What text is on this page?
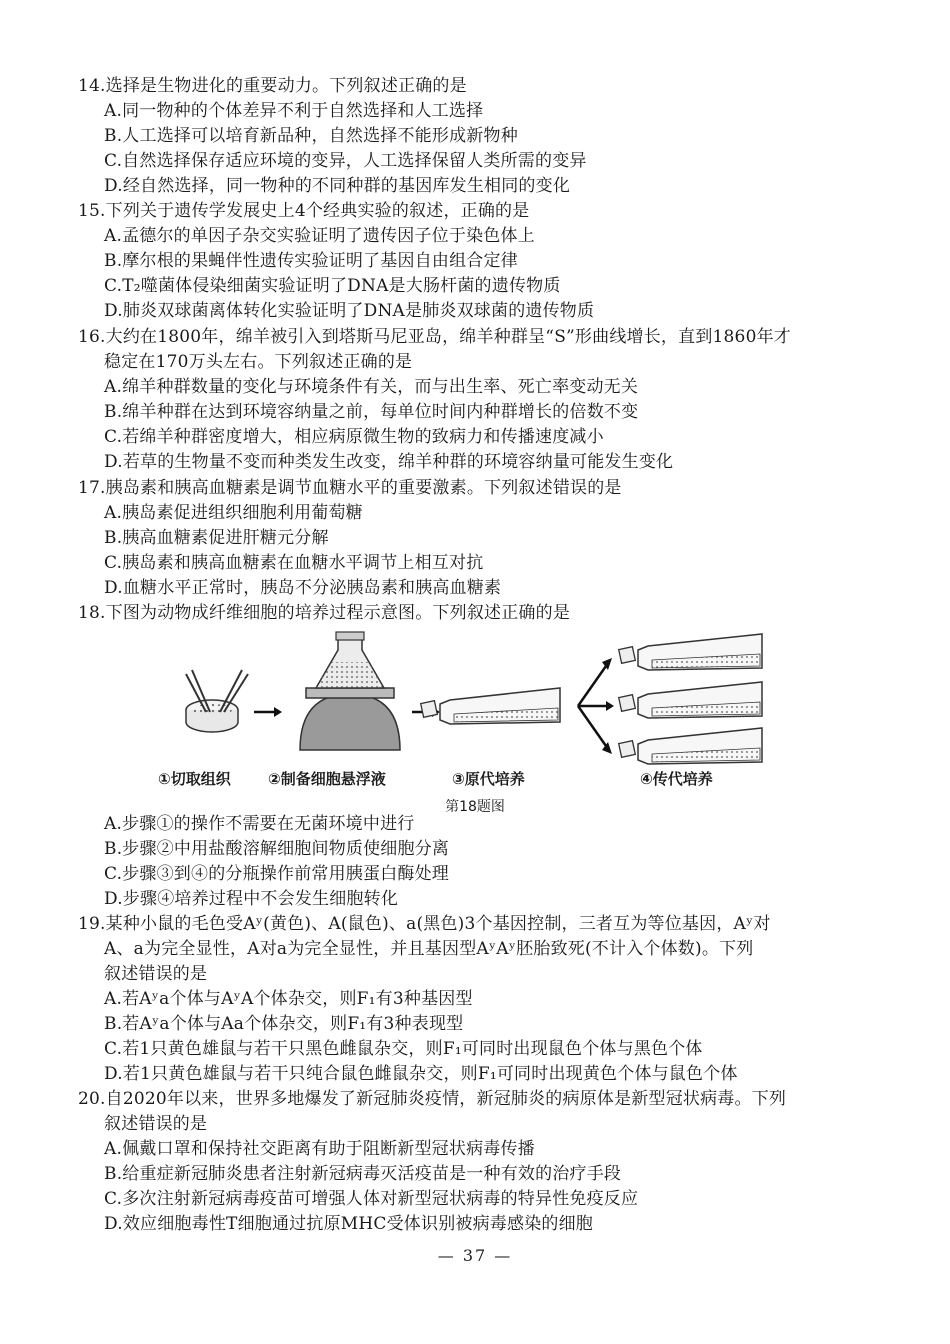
14.选择是生物进化的重要动力。下列叙述正确的是
A.同一物种的个体差异不利于自然选择和人工选择
B.人工选择可以培育新品种，自然选择不能形成新物种
C.自然选择保存适应环境的变异，人工选择保留人类所需的变异
D.经自然选择，同一物种的不同种群的基因库发生相同的变化
15.下列关于遗传学发展史上4个经典实验的叙述，正确的是
A.孟德尔的单因子杂交实验证明了遗传因子位于染色体上
B.摩尔根的果蝇伴性遗传实验证明了基因自由组合定律
C.T₂噬菌体侵染细菌实验证明了DNA是大肠杆菌的遗传物质
D.肺炎双球菌离体转化实验证明了DNA是肺炎双球菌的遗传物质
16.大约在1800年，绵羊被引入到塔斯马尼亚岛，绵羊种群呈“S”形曲线增长，直到1860年才
稳定在170万头左右。下列叙述正确的是
A.绵羊种群数量的变化与环境条件有关，而与出生率、死亡率变动无关
B.绵羊种群在达到环境容纳量之前，每单位时间内种群增长的倍数不变
C.若绵羊种群密度增大，相应病原微生物的致病力和传播速度减小
D.若草的生物量不变而种类发生改变，绵羊种群的环境容纳量可能发生变化
17.胰岛素和胰高血糖素是调节血糖水平的重要激素。下列叙述错误的是
A.胰岛素促进组织细胞利用葡萄糖
B.胰高血糖素促进肝糖元分解
C.胰岛素和胰高血糖素在血糖水平调节上相互对抗
D.血糖水平正常时，胰岛不分泌胰岛素和胰高血糖素
18.下图为动物成纤维细胞的培养过程示意图。下列叙述正确的是
①切取组织 ②制备细胞悬浮液	③原代培养	④传代培养
第18题图
A.步骤①的操作不需要在无菌环境中进行
B.步骤②中用盐酸溶解细胞间物质使细胞分离
C.步骤③到④的分瓶操作前常用胰蛋白酶处理
D.步骤④培养过程中不会发生细胞转化
19.某种小鼠的毛色受Aʸ(黄色)、A(鼠色)、a(黑色)3个基因控制，三者互为等位基因，Aʸ对
A、a为完全显性，A对a为完全显性，并且基因型AʸAʸ胚胎致死(不计入个体数)。下列
叙述错误的是
A.若Aʸa个体与AʸA个体杂交，则F₁有3种基因型
B.若Aʸa个体与Aa个体杂交，则F₁有3种表现型
C.若1只黄色雄鼠与若干只黑色雌鼠杂交，则F₁可同时出现鼠色个体与黑色个体
D.若1只黄色雄鼠与若干只纯合鼠色雌鼠杂交，则F₁可同时出现黄色个体与鼠色个体
20.自2020年以来，世界多地爆发了新冠肺炎疫情，新冠肺炎的病原体是新型冠状病毒。下列
叙述错误的是
A.佩戴口罩和保持社交距离有助于阻断新型冠状病毒传播
B.给重症新冠肺炎患者注射新冠病毒灭活疫苗是一种有效的治疗手段
C.多次注射新冠病毒疫苗可增强人体对新型冠状病毒的特异性免疫反应
D.效应细胞毒性T细胞通过抗原MHC受体识别被病毒感染的细胞
— 37 —
